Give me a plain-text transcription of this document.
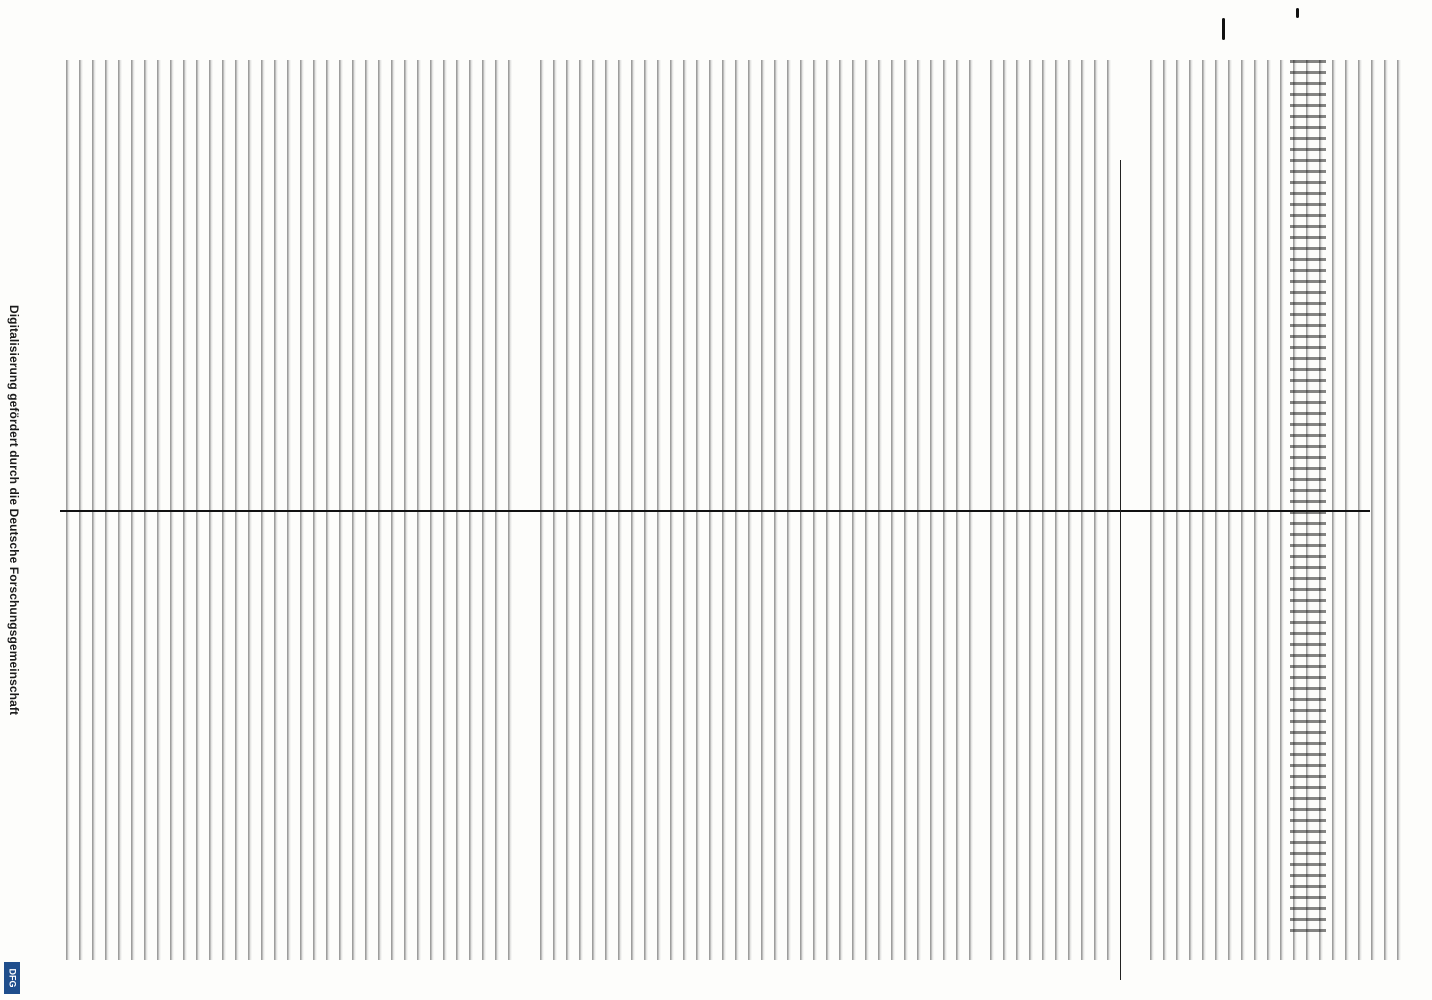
Digitalisierung gefördert durch die Deutsche Forschungsgemeinschaft
DFG
